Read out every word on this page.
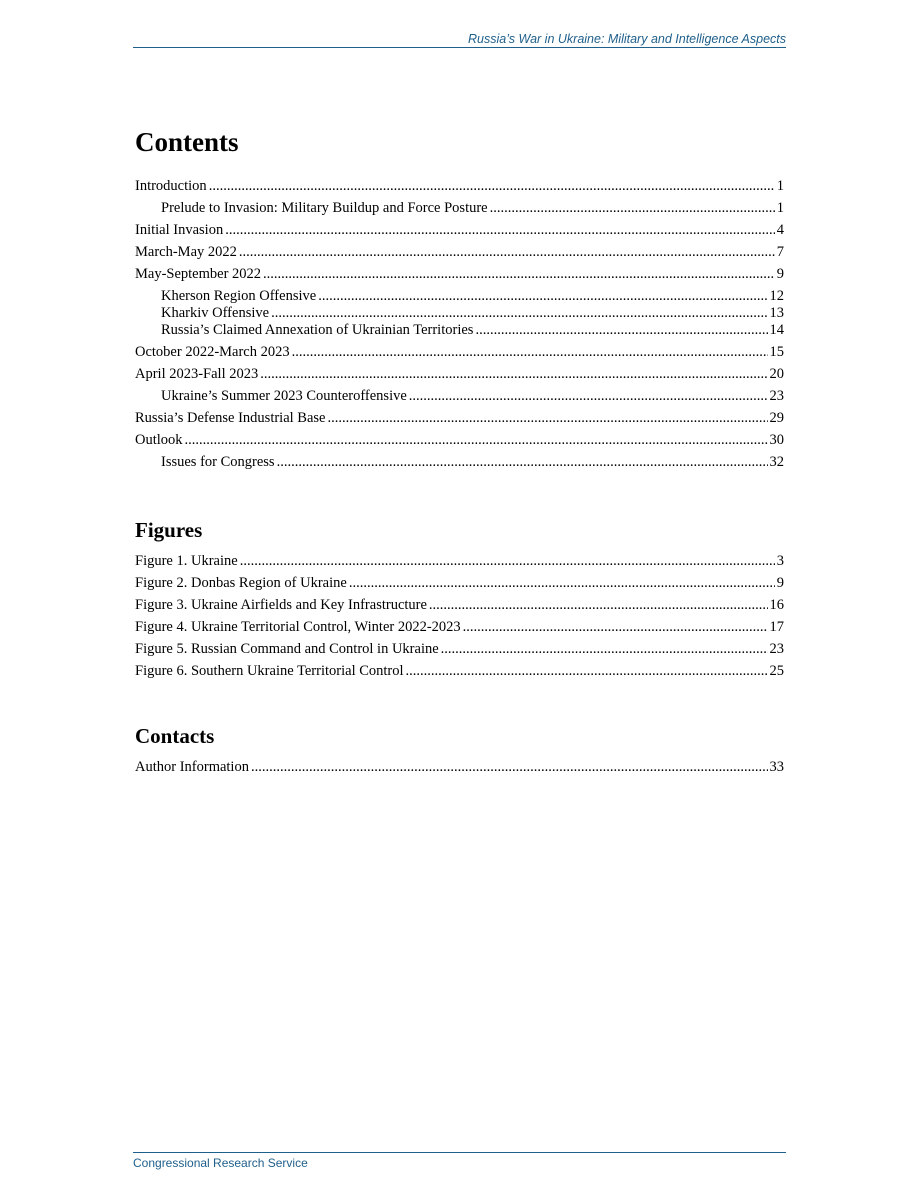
Russia’s War in Ukraine: Military and Intelligence Aspects
Contents
Introduction .....	1
Prelude to Invasion: Military Buildup and Force Posture .....	1
Initial Invasion .....	4
March-May 2022 .....	7
May-September 2022 .....	9
Kherson Region Offensive .....	12
Kharkiv Offensive .....	13
Russia’s Claimed Annexation of Ukrainian Territories .....	14
October 2022-March 2023 .....	15
April 2023-Fall 2023 .....	20
Ukraine’s Summer 2023 Counteroffensive .....	23
Russia’s Defense Industrial Base .....	29
Outlook .....	30
Issues for Congress .....	32
Figures
Figure 1. Ukraine .....	3
Figure 2. Donbas Region of Ukraine .....	9
Figure 3. Ukraine Airfields and Key Infrastructure .....	16
Figure 4. Ukraine Territorial Control, Winter 2022-2023 .....	17
Figure 5. Russian Command and Control in Ukraine .....	23
Figure 6. Southern Ukraine Territorial Control .....	25
Contacts
Author Information .....	33
Congressional Research Service
